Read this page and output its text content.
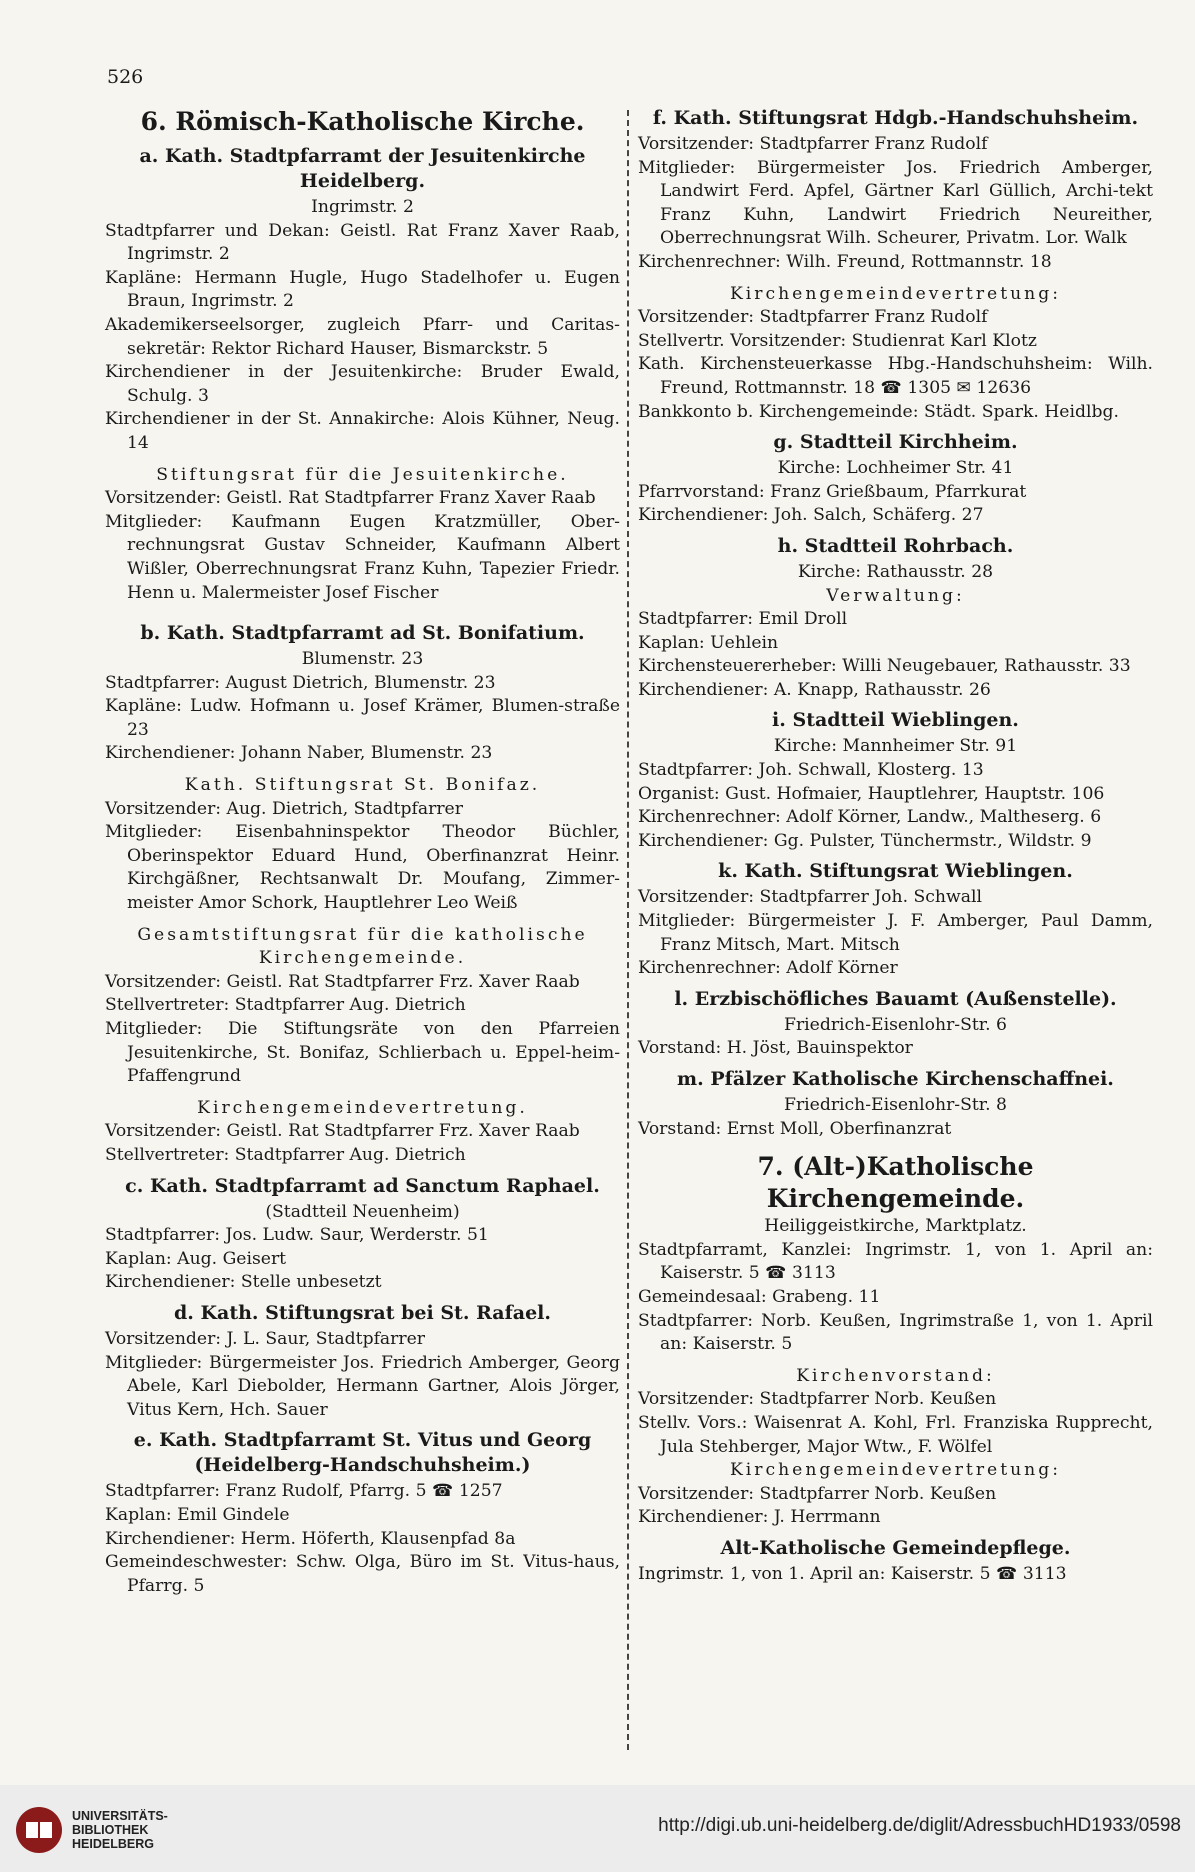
526
6. Römisch-Katholische Kirche.
a. Kath. Stadtpfarramt der Jesuitenkirche Heidelberg.
Ingrimstr. 2
Stadtpfarrer und Dekan: Geistl. Rat Franz Xaver Raab, Ingrimstr. 2
Kapläne: Hermann Hugle, Hugo Stadelhofer u. Eugen Braun, Ingrimstr. 2
Akademikerseelsorger, zugleich Pfarr- und Caritas-sekretär: Rektor Richard Hauser, Bismarckstr. 5
Kirchendiener in der Jesuitenkirche: Bruder Ewald, Schulg. 3
Kirchendiener in der St. Annakirche: Alois Kühner, Neug. 14
Stiftungsrat für die Jesuitenkirche.
Vorsitzender: Geistl. Rat Stadtpfarrer Franz Xaver Raab
Mitglieder: Kaufmann Eugen Kratzmüller, Ober-rechnungsrat Gustav Schneider, Kaufmann Albert Wißler, Oberrechnungsrat Franz Kuhn, Tapezier Friedr. Henn u. Malermeister Josef Fischer
b. Kath. Stadtpfarramt ad St. Bonifatium.
Blumenstr. 23
Stadtpfarrer: August Dietrich, Blumenstr. 23
Kapläne: Ludw. Hofmann u. Josef Krämer, Blumen-straße 23
Kirchendiener: Johann Naber, Blumenstr. 23
Kath. Stiftungsrat St. Bonifaz.
Vorsitzender: Aug. Dietrich, Stadtpfarrer
Mitglieder: Eisenbahninspektor Theodor Büchler, Oberinspektor Eduard Hund, Oberfinanzrat Heinr. Kirchgäßner, Rechtsanwalt Dr. Moufang, Zimmer-meister Amor Schork, Hauptlehrer Leo Weiß
Gesamtstiftungsrat für die katholische Kirchengemeinde.
Vorsitzender: Geistl. Rat Stadtpfarrer Frz. Xaver Raab
Stellvertreter: Stadtpfarrer Aug. Dietrich
Mitglieder: Die Stiftungsräte von den Pfarreien Jesuitenkirche, St. Bonifaz, Schlierbach u. Eppel-heim-Pfaffengrund
Kirchengemeindevertretung.
Vorsitzender: Geistl. Rat Stadtpfarrer Frz. Xaver Raab
Stellvertreter: Stadtpfarrer Aug. Dietrich
c. Kath. Stadtpfarramt ad Sanctum Raphael.
(Stadtteil Neuenheim)
Stadtpfarrer: Jos. Ludw. Saur, Werderstr. 51
Kaplan: Aug. Geisert
Kirchendiener: Stelle unbesetzt
d. Kath. Stiftungsrat bei St. Rafael.
Vorsitzender: J. L. Saur, Stadtpfarrer
Mitglieder: Bürgermeister Jos. Friedrich Amberger, Georg Abele, Karl Diebolder, Hermann Gartner, Alois Jörger, Vitus Kern, Hch. Sauer
e. Kath. Stadtpfarramt St. Vitus und Georg (Heidelberg-Handschuhsheim.)
Stadtpfarrer: Franz Rudolf, Pfarrg. 5 ☎ 1257
Kaplan: Emil Gindele
Kirchendiener: Herm. Höferth, Klausenpfad 8a
Gemeindeschwester: Schw. Olga, Büro im St. Vitus-haus, Pfarrg. 5
f. Kath. Stiftungsrat Hdgb.-Handschuhsheim.
Vorsitzender: Stadtpfarrer Franz Rudolf
Mitglieder: Bürgermeister Jos. Friedrich Amberger, Landwirt Ferd. Apfel, Gärtner Karl Güllich, Archi-tekt Franz Kuhn, Landwirt Friedrich Neureither, Oberrechnungsrat Wilh. Scheurer, Privatm. Lor. Walk
Kirchenrechner: Wilh. Freund, Rottmannstr. 18
Kirchengemeindevertretung:
Vorsitzender: Stadtpfarrer Franz Rudolf
Stellvertr. Vorsitzender: Studienrat Karl Klotz
Kath. Kirchensteuerkasse Hbg.-Handschuhsheim: Wilh. Freund, Rottmannstr. 18 ☎ 1305 ✉ 12636
Bankkonto b. Kirchengemeinde: Städt. Spark. Heidlbg.
g. Stadtteil Kirchheim.
Kirche: Lochheimer Str. 41
Pfarrvorstand: Franz Grießbaum, Pfarrkurat
Kirchendiener: Joh. Salch, Schäferg. 27
h. Stadtteil Rohrbach.
Kirche: Rathausstr. 28
Verwaltung:
Stadtpfarrer: Emil Droll
Kaplan: Uehlein
Kirchensteuererheber: Willi Neugebauer, Rathausstr. 33
Kirchendiener: A. Knapp, Rathausstr. 26
i. Stadtteil Wieblingen.
Kirche: Mannheimer Str. 91
Stadtpfarrer: Joh. Schwall, Klosterg. 13
Organist: Gust. Hofmaier, Hauptlehrer, Hauptstr. 106
Kirchenrechner: Adolf Körner, Landw., Maltheserg. 6
Kirchendiener: Gg. Pulster, Tünchermstr., Wildstr. 9
k. Kath. Stiftungsrat Wieblingen.
Vorsitzender: Stadtpfarrer Joh. Schwall
Mitglieder: Bürgermeister J. F. Amberger, Paul Damm, Franz Mitsch, Mart. Mitsch
Kirchenrechner: Adolf Körner
l. Erzbischöfliches Bauamt (Außenstelle).
Friedrich-Eisenlohr-Str. 6
Vorstand: H. Jöst, Bauinspektor
m. Pfälzer Katholische Kirchenschaffnei.
Friedrich-Eisenlohr-Str. 8
Vorstand: Ernst Moll, Oberfinanzrat
7. (Alt-)Katholische Kirchengemeinde.
Heiliggeistkirche, Marktplatz.
Stadtpfarramt, Kanzlei: Ingrimstr. 1, von 1. April an: Kaiserstr. 5 ☎ 3113
Gemeindesaal: Grabeng. 11
Stadtpfarrer: Norb. Keußen, Ingrimstraße 1, von 1. April an: Kaiserstr. 5
Kirchenvorstand:
Vorsitzender: Stadtpfarrer Norb. Keußen
Stellv. Vors.: Waisenrat A. Kohl, Frl. Franziska Rupprecht, Jula Stehberger, Major Wtw., F. Wölfel
Kirchengemeindevertretung:
Vorsitzender: Stadtpfarrer Norb. Keußen
Kirchendiener: J. Herrmann
Alt-Katholische Gemeindepflege.
Ingrimstr. 1, von 1. April an: Kaiserstr. 5 ☎ 3113
UNIVERSITÄTS-
BIBLIOTHEK
HEIDELBERG
http://digi.ub.uni-heidelberg.de/diglit/AdressbuchHD1933/0598
